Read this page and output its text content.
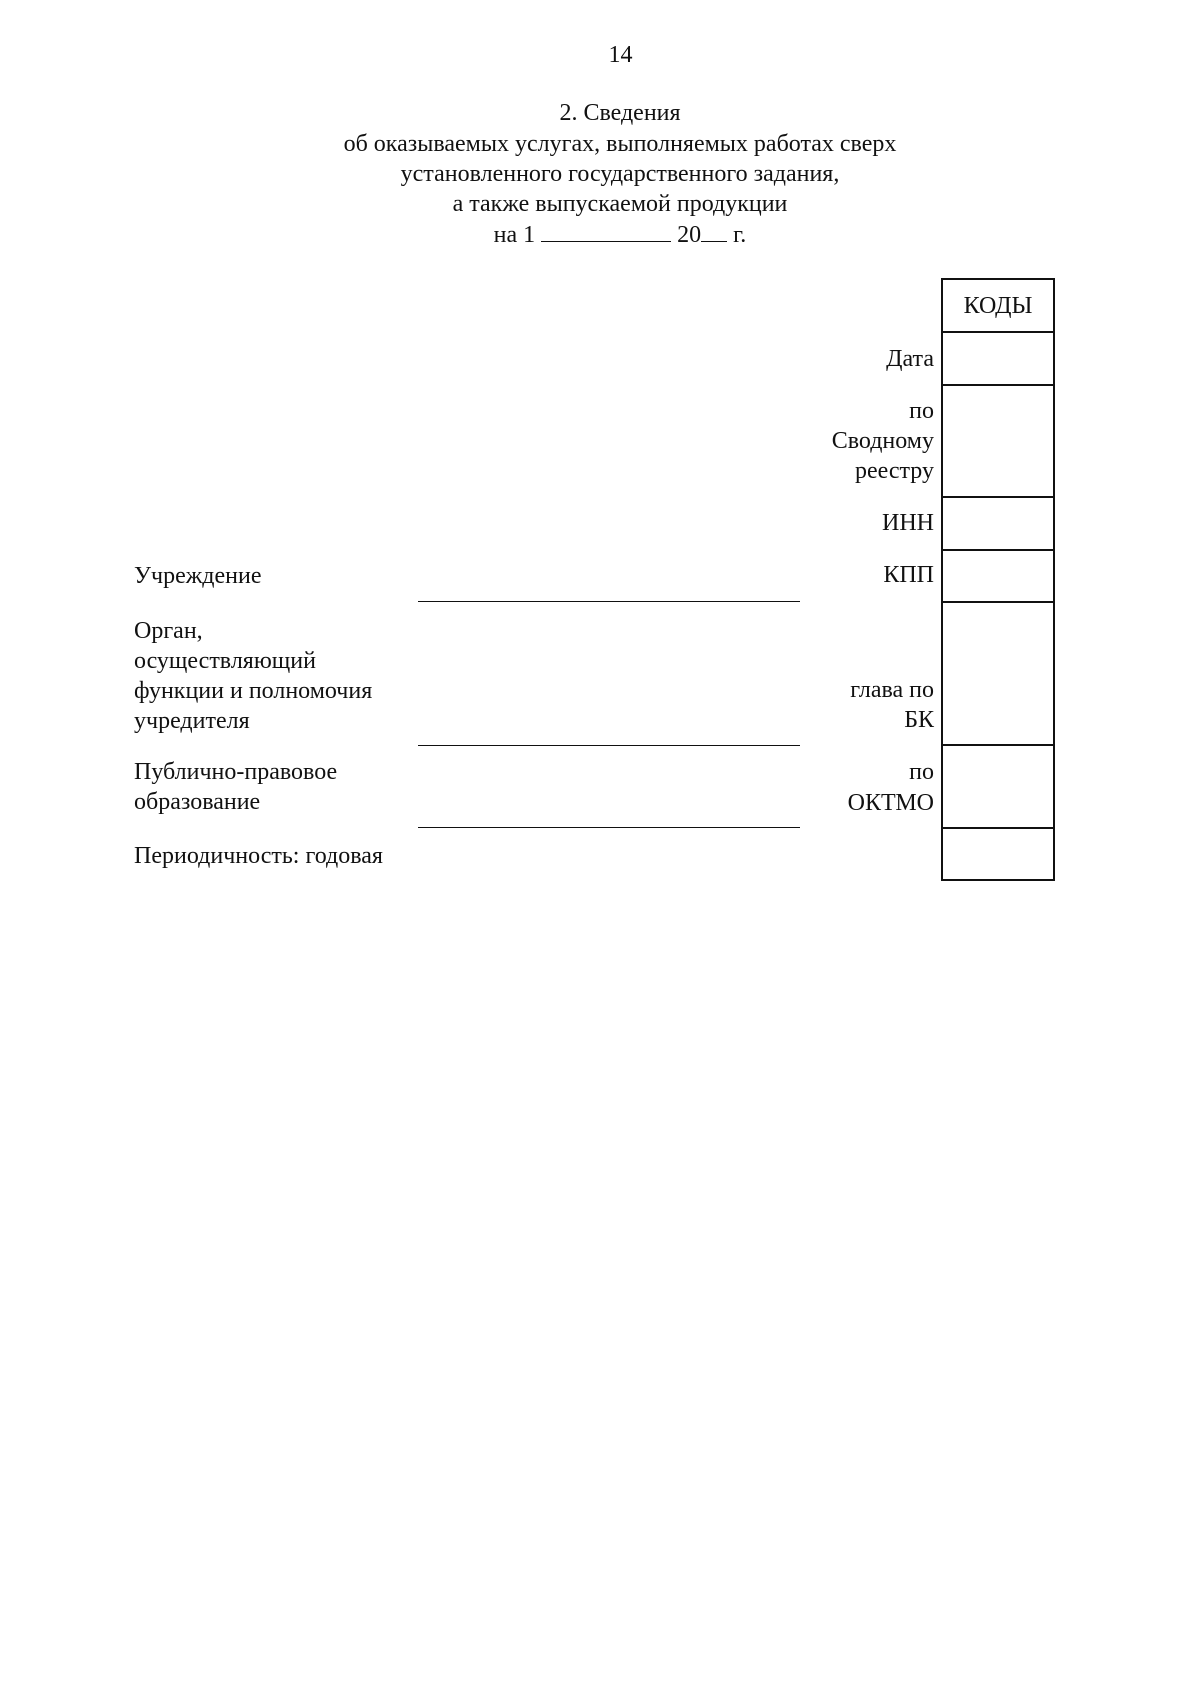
14
2. Сведения
об оказываемых услугах, выполняемых работах сверх
установленного государственного задания,
а также выпускаемой продукции
на 1	20 г.
КОДЫ
Дата
по
Сводному
реестру
ИНН
КПП
глава по
БК
по
ОКТМО
Учреждение
Орган,
осуществляющий
функции и полномочия
учредителя
Публично-правовое
образование
Периодичность: годовая
